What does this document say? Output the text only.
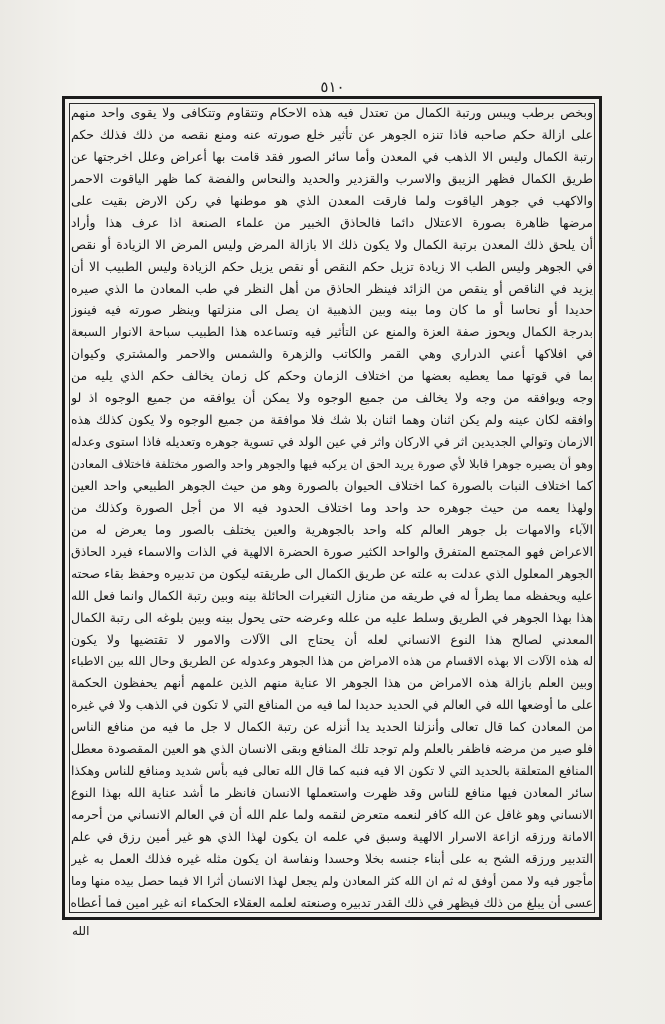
٥١٠
وبخص برطب ويبس ورتبة الكمال من تعتدل فيه هذه الاحكام وتتقاوم وتتكافى ولا يقوى واحد منهم
على ازالة حكم صاحبه فاذا تنزه الجوهر عن تأثير خلع صورته عنه ومنع نقصه من ذلك فذلك حكم
رتبة الكمال وليس الا الذهب في المعدن وأما سائر الصور فقد قامت بها أعراض وعلل اخرجتها عن
طريق الكمال فظهر الزيبق والاسرب والقزدير والحديد والنحاس والفضة كما ظهر الياقوت الاحمر
والاكهب في جوهر الياقوت ولما فارقت المعدن الذي هو موطنها في ركن الارض بقيت على
مرضها ظاهرة بصورة الاعتلال دائما فالحاذق الخبير من علماء الصنعة اذا عرف هذا وأراد
أن يلحق ذلك المعدن برتبة الكمال ولا يكون ذلك الا بازالة المرض وليس المرض الا الزيادة أو نقص
في الجوهر وليس الطب الا زيادة تزيل حكم النقص أو نقص يزيل حكم الزيادة وليس الطبيب الا أن
يزيد في الناقص أو ينقص من الزائد فينظر الحاذق من أهل النظر في طب المعادن ما الذي صيره
حديدا أو نحاسا أو ما كان وما بينه وبين الذهبية ان يصل الى منزلتها وينظر صورته فيه فينوز
بدرجة الكمال ويحوز صفة العزة والمنع عن التأثير فيه وتساعده هذا الطبيب سباحة الانوار السبعة
في افلاكها أعني الدراري وهي القمر والكاتب والزهرة والشمس والاحمر والمشتري وكيوان
بما في قوتها مما يعطيه بعضها من اختلاف الزمان وحكم كل زمان يخالف حكم الذي يليه من
وجه ويوافقه من وجه ولا يخالف من جميع الوجوه ولا يمكن أن يوافقه من جميع الوجوه اذ لو
وافقه لكان عينه ولم يكن اثنان وهما اثنان بلا شك فلا موافقة من جميع الوجوه ولا يكون كذلك هذه
الازمان وتوالي الجديدين اثر في الاركان واثر في عين الولد في تسوية جوهره وتعديله فاذا استوى وعدله
وهو أن يصيره جوهرا قابلا لأي صورة يريد الحق ان يركبه فيها والجوهر واحد والصور مختلفة فاختلاف المعادن
كما اختلاف النبات بالصورة كما اختلاف الحيوان بالصورة وهو من حيث الجوهر الطبيعي واحد العين
ولهذا يعمه من حيث جوهره حد واحد وما اختلاف الحدود فيه الا من أجل الصورة وكذلك من
الآباء والامهات بل جوهر العالم كله واحد بالجوهرية والعين يختلف بالصور وما يعرض له من
الاعراض فهو المجتمع المتفرق والواحد الكثير صورة الحضرة الالهية في الذات والاسماء فيرد الحاذق
الجوهر المعلول الذي عدلت به علته عن طريق الكمال الى طريقته ليكون من تدبيره وحفظ بقاء صحته
عليه ويحفظه مما يطرأ له في طريقه من منازل التغيرات الحائلة بينه وبين رتبة الكمال وانما فعل الله
هذا بهذا الجوهر في الطريق وسلط عليه من علله وعرضه حتى يحول بينه وبين بلوغه الى رتبة الكمال
المعدني لصالح هذا النوع الانساني لعله أن يحتاج الى الآلات والامور لا تقتضيها ولا يكون
له هذه الآلات الا بهذه الاقسام من هذه الامراض من هذا الجوهر وعدوله عن الطريق وحال الله بين الاطباء
وبين العلم بازالة هذه الامراض من هذا الجوهر الا عناية منهم الذين علمهم أنهم يحفظون الحكمة
على ما أوضعها الله في العالم في الحديد حديدا لما فيه من المنافع التي لا تكون في الذهب ولا في غيره
من المعادن كما قال تعالى وأنزلنا الحديد يدا أنزله عن رتبة الكمال لا جل ما فيه من منافع الناس
فلو صير من مرضه فاظفر بالعلم ولم توجد تلك المنافع وبقى الانسان الذي هو العين المقصودة معطل
المنافع المتعلقة بالحديد التي لا تكون الا فيه فنبه كما قال الله تعالى فيه بأس شديد ومنافع للناس وهكذا
سائر المعادن فيها منافع للناس وقد ظهرت واستعملها الانسان فانظر ما أشد عناية الله بهذا النوع
الانساني وهو غافل عن الله كافر لنعمه متعرض لنقمه ولما علم الله أن في العالم الانساني من أحرمه
الامانة ورزقه ازاعة الاسرار الالهية وسبق في علمه ان يكون لهذا الذي هو غير أمين رزق في علم
التدبير ورزقه الشح به على أبناء جنسه بخلا وحسدا ونفاسة ان يكون مثله غيره فذلك العمل به غير
مأجور فيه ولا ممن أوفق له ثم ان الله كثر المعادن ولم يجعل لهذا الانسان أثرا الا فيما حصل بيده منها وما
عسى أن يبلغ من ذلك فيظهر في ذلك القدر تدبيره وصنعته لعلمه العقلاء الحكماء انه غير امين فما أعطاه
الله
